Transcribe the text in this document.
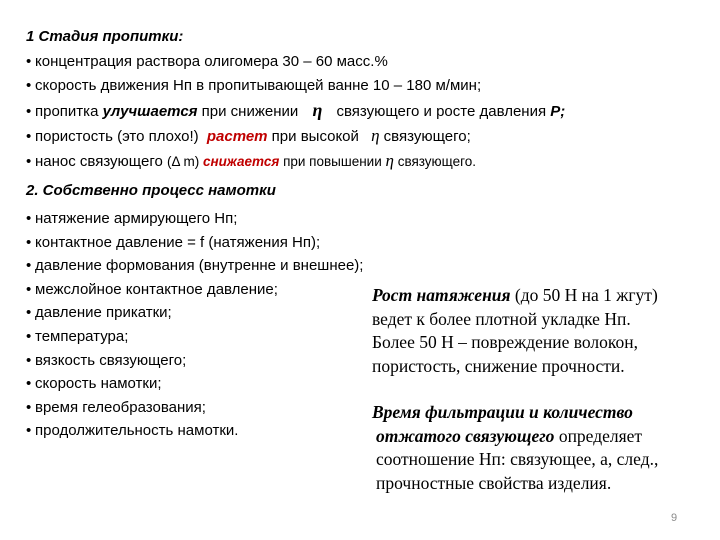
1 Стадия пропитки:
• концентрация раствора олигомера 30 – 60 масс.%
• скорость движения Нп в пропитывающей ванне 10 – 180 м/мин;
• пропитка улучшается при снижении η связующего и росте давления P;
• пористость (это плохо!) растет при высокой η связующего;
• нанос связующего (Δ m) снижается при повышении η связующего.
2. Собственно процесс намотки
• натяжение армирующего Нп;
• контактное давление = f (натяжения Нп);
• давление формования (внутренне и внешнее);
• межслойное контактное давление;
• давление прикатки;
• температура;
• вязкость связующего;
• скорость намотки;
• время гелеобразования;
• продолжительность намотки.
Рост натяжения (до 50 Н на 1 жгут)
ведет к более плотной укладке Нп.
Более 50 Н – повреждение волокон,
пористость, снижение прочности.
Время фильтрации и количество
отжатого связующего определяет
соотношение Нп: связующее, а, след.,
прочностные свойства изделия.
9
